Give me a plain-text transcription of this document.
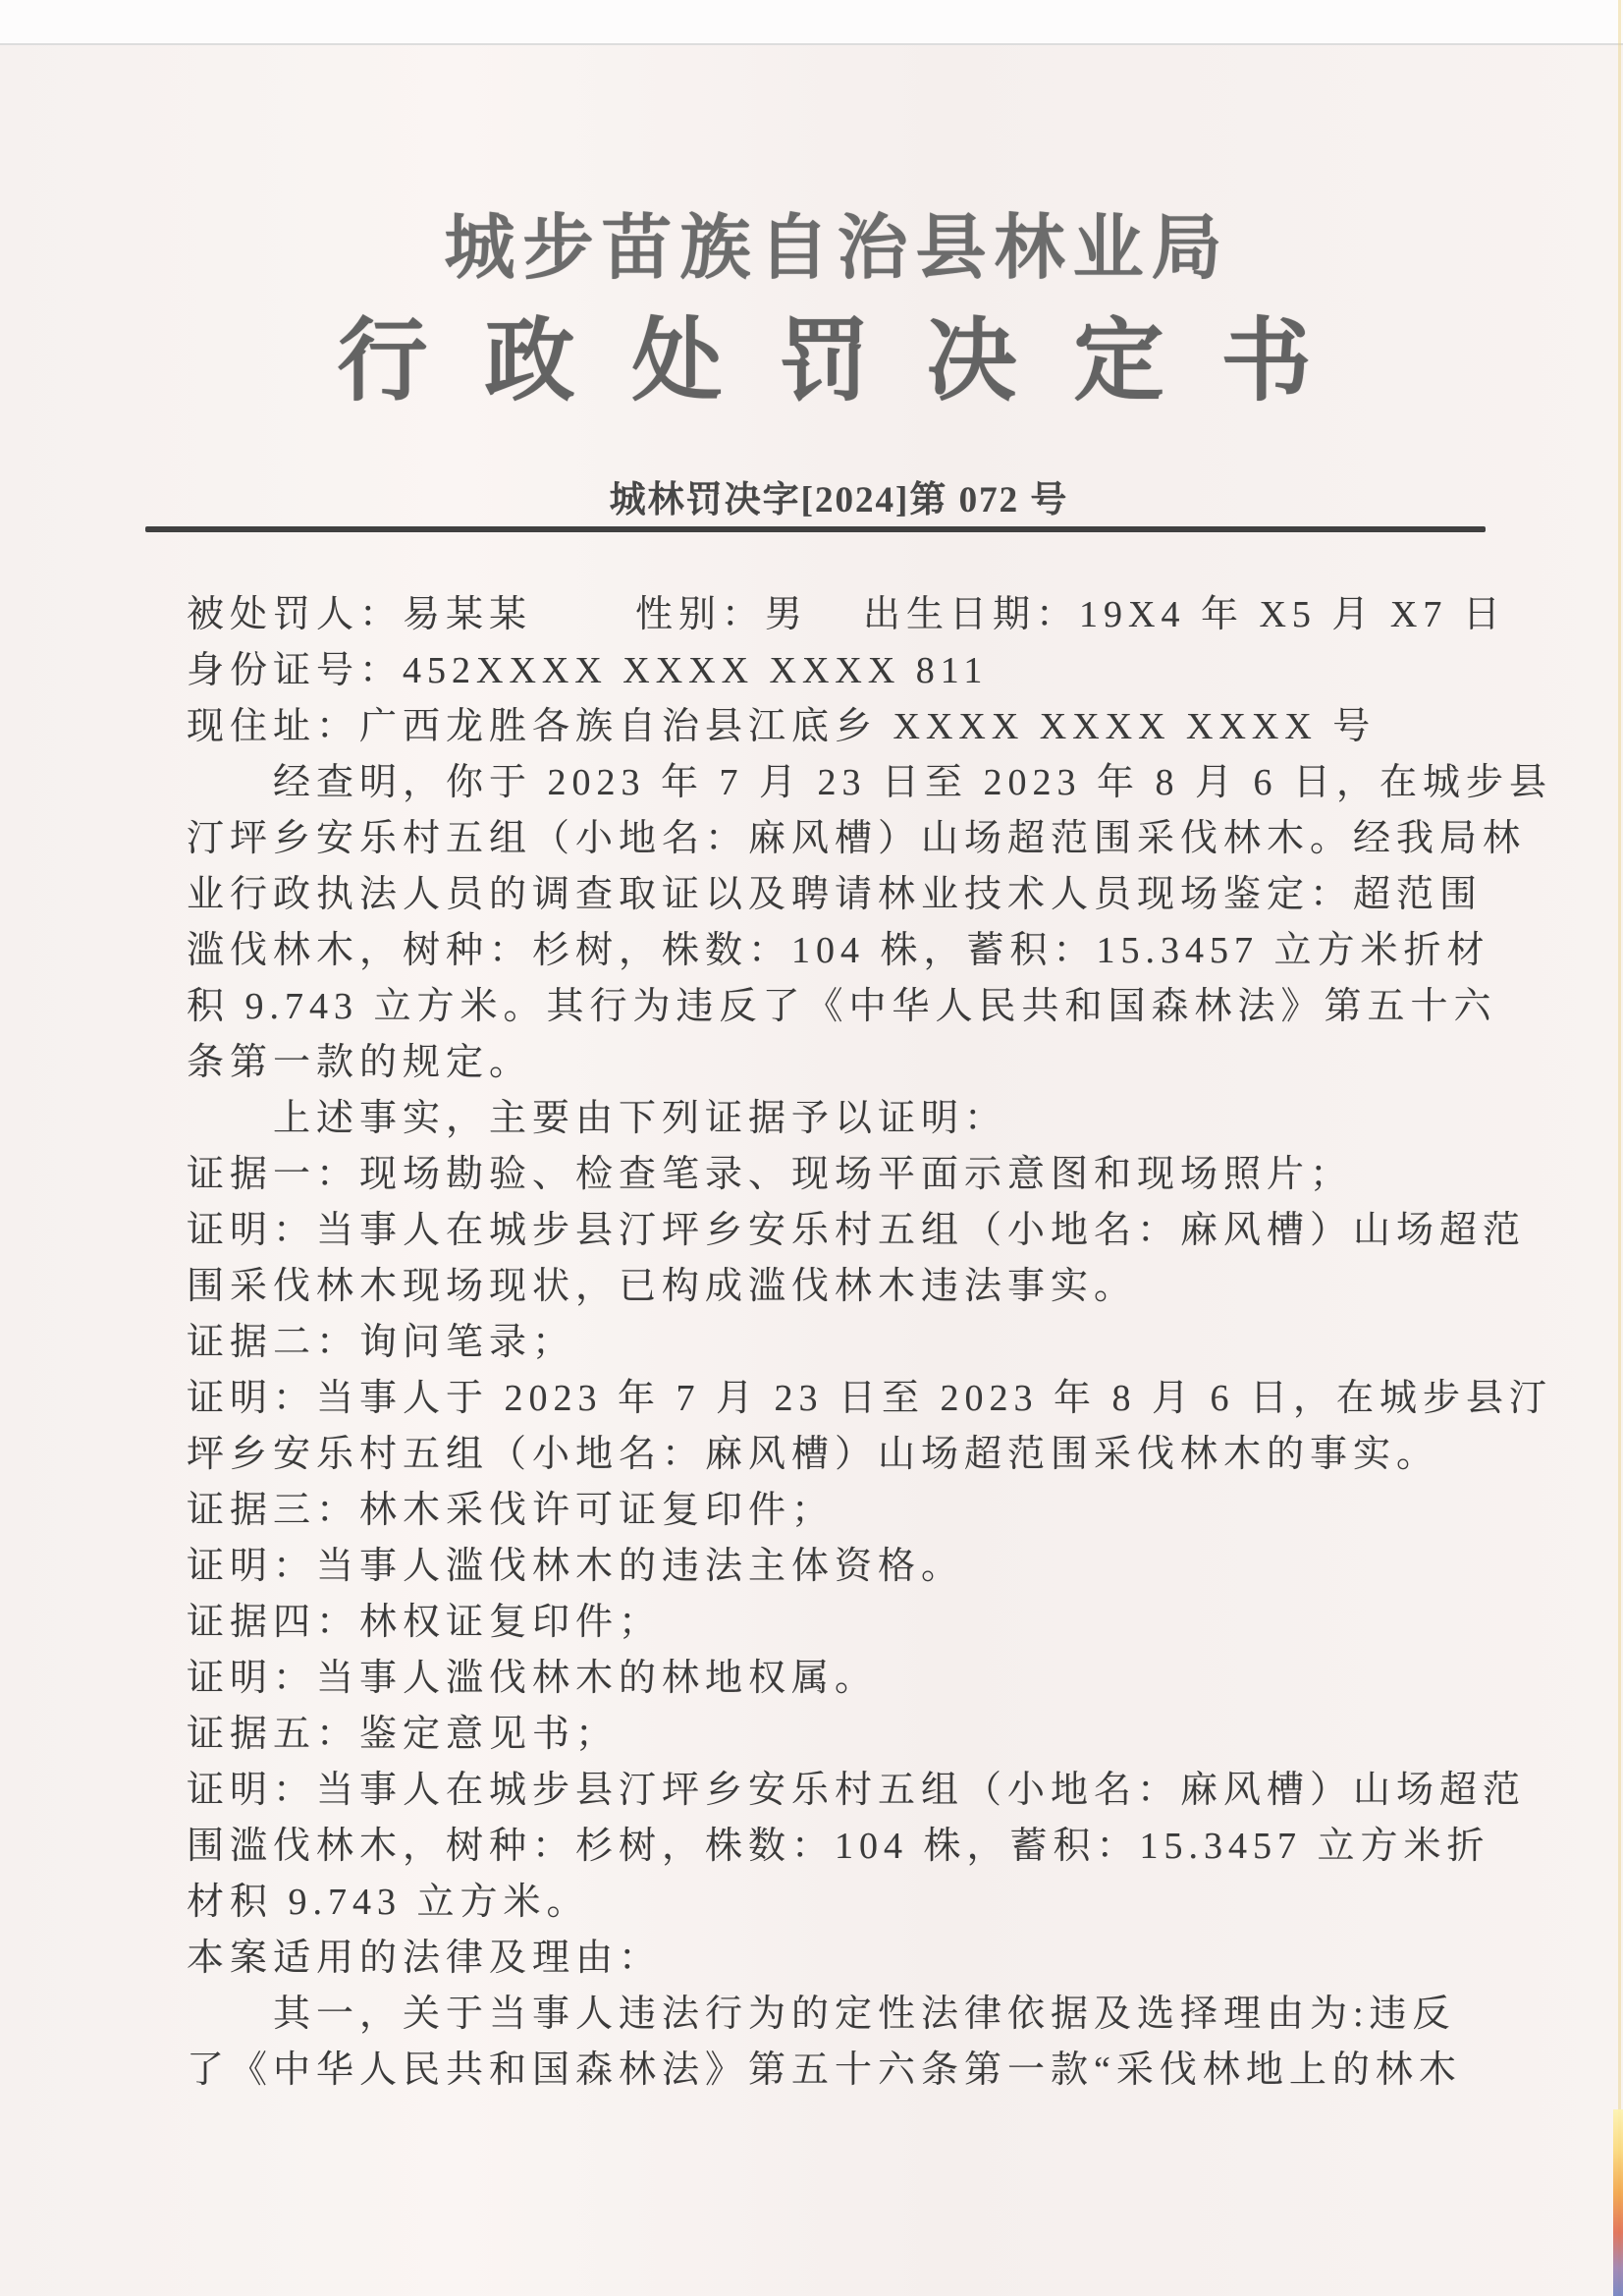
城步苗族自治县林业局
行政处罚决定书
城林罚决字[2024]第 072 号
被处罚人：易某某	性别：男 出生日期：19X4 年 X5 月 X7 日
身份证号：452XXXX XXXX XXXX 811
现住址：广西龙胜各族自治县江底乡 XXXX XXXX XXXX 号
经查明，你于 2023 年 7 月 23 日至 2023 年 8 月 6 日，在城步县
汀坪乡安乐村五组（小地名：麻风槽）山场超范围采伐林木。经我局林
业行政执法人员的调查取证以及聘请林业技术人员现场鉴定：超范围
滥伐林木，树种：杉树，株数：104 株，蓄积：15.3457 立方米折材
积 9.743 立方米。其行为违反了《中华人民共和国森林法》第五十六
条第一款的规定。
上述事实，主要由下列证据予以证明：
证据一：现场勘验、检查笔录、现场平面示意图和现场照片；
证明：当事人在城步县汀坪乡安乐村五组（小地名：麻风槽）山场超范
围采伐林木现场现状，已构成滥伐林木违法事实。
证据二：询问笔录；
证明：当事人于 2023 年 7 月 23 日至 2023 年 8 月 6 日，在城步县汀
坪乡安乐村五组（小地名：麻风槽）山场超范围采伐林木的事实。
证据三：林木采伐许可证复印件；
证明：当事人滥伐林木的违法主体资格。
证据四：林权证复印件；
证明：当事人滥伐林木的林地权属。
证据五：鉴定意见书；
证明：当事人在城步县汀坪乡安乐村五组（小地名：麻风槽）山场超范
围滥伐林木，树种：杉树，株数：104 株，蓄积：15.3457 立方米折
材积 9.743 立方米。
本案适用的法律及理由：
其一，关于当事人违法行为的定性法律依据及选择理由为:违反
了《中华人民共和国森林法》第五十六条第一款“采伐林地上的林木
